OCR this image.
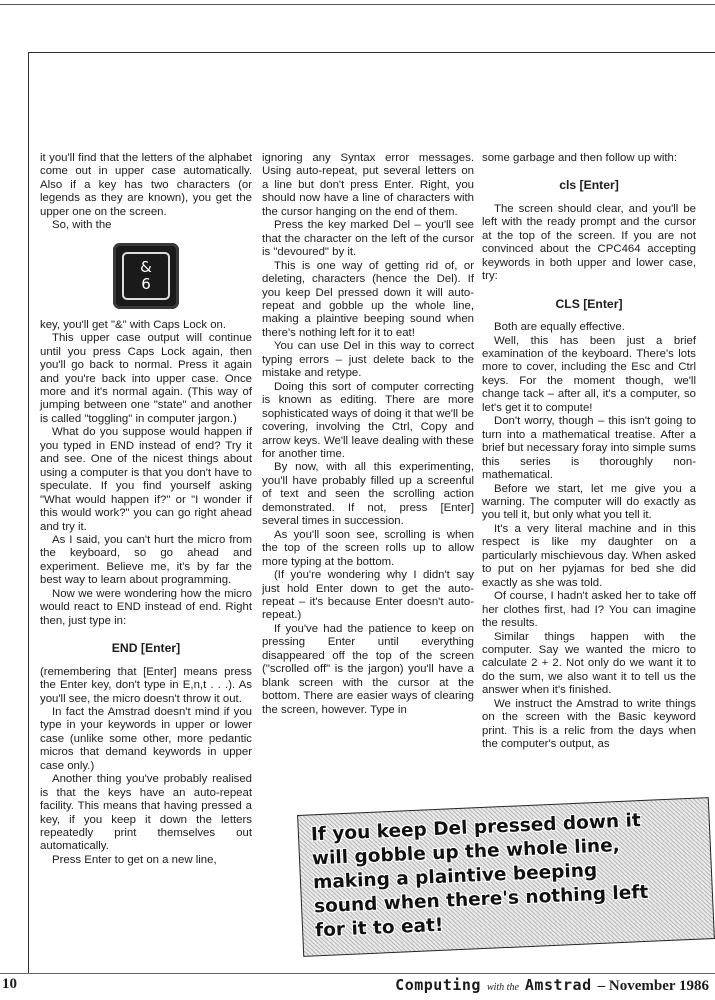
it you'll find that the letters of the alphabet come out in upper case automatically. Also if a key has two characters (or legends as they are known), you get the upper one on the screen.

So, with the

&
6

key, you'll get "&" with Caps Lock on.

This upper case output will continue until you press Caps Lock again, then you'll go back to normal. Press it again and you're back into upper case. Once more and it's normal again. (This way of jumping between one "state" and another is called "toggling" in computer jargon.)

What do you suppose would happen if you typed in END instead of end? Try it and see. One of the nicest things about using a computer is that you don't have to speculate. If you find yourself asking "What would happen if?" or "I wonder if this would work?" you can go right ahead and try it.

As I said, you can't hurt the micro from the keyboard, so go ahead and experiment. Believe me, it's by far the best way to learn about programming.

Now we were wondering how the micro would react to END instead of end. Right then, just type in:

END [Enter]

(remembering that [Enter] means press the Enter key, don't type in E,n,t . . .). As you'll see, the micro doesn't throw it out.

In fact the Amstrad doesn't mind if you type in your keywords in upper or lower case (unlike some other, more pedantic micros that demand keywords in upper case only.)

Another thing you've probably realised is that the keys have an auto-repeat facility. This means that having pressed a key, if you keep it down the letters repeatedly print themselves out automatically.

Press Enter to get on a new line,

ignoring any Syntax error messages. Using auto-repeat, put several letters on a line but don't press Enter. Right, you should now have a line of characters with the cursor hanging on the end of them.

Press the key marked Del – you'll see that the character on the left of the cursor is "devoured" by it.

This is one way of getting rid of, or deleting, characters (hence the Del). If you keep Del pressed down it will auto-repeat and gobble up the whole line, making a plaintive beeping sound when there's nothing left for it to eat!

You can use Del in this way to correct typing errors – just delete back to the mistake and retype.

Doing this sort of computer correcting is known as editing. There are more sophisticated ways of doing it that we'll be covering, involving the Ctrl, Copy and arrow keys. We'll leave dealing with these for another time.

By now, with all this experimenting, you'll have probably filled up a screenful of text and seen the scrolling action demonstrated. If not, press [Enter] several times in succession.

As you'll soon see, scrolling is when the top of the screen rolls up to allow more typing at the bottom.

(If you're wondering why I didn't say just hold Enter down to get the auto-repeat – it's because Enter doesn't auto-repeat.)

If you've had the patience to keep on pressing Enter until everything disappeared off the top of the screen ("scrolled off" is the jargon) you'll have a blank screen with the cursor at the bottom. There are easier ways of clearing the screen, however. Type in

some garbage and then follow up with:

cls [Enter]

The screen should clear, and you'll be left with the ready prompt and the cursor at the top of the screen. If you are not convinced about the CPC464 accepting keywords in both upper and lower case, try:

CLS [Enter]

Both are equally effective.

Well, this has been just a brief examination of the keyboard. There's lots more to cover, including the Esc and Ctrl keys. For the moment though, we'll change tack – after all, it's a computer, so let's get it to compute!

Don't worry, though – this isn't going to turn into a mathematical treatise. After a brief but necessary foray into simple sums this series is thoroughly non-mathematical.

Before we start, let me give you a warning. The computer will do exactly as you tell it, but only what you tell it.

It's a very literal machine and in this respect is like my daughter on a particularly mischievous day. When asked to put on her pyjamas for bed she did exactly as she was told.

Of course, I hadn't asked her to take off her clothes first, had I? You can imagine the results.

Similar things happen with the computer. Say we wanted the micro to calculate 2 + 2. Not only do we want it to do the sum, we also want it to tell us the answer when it's finished.

We instruct the Amstrad to write things on the screen with the Basic keyword print. This is a relic from the days when the computer's output, as

If you keep Del pressed down it
will gobble up the whole line,
making a plaintive beeping
sound when there's nothing left
for it to eat!
10	Computing with the Amstrad – November 1986
